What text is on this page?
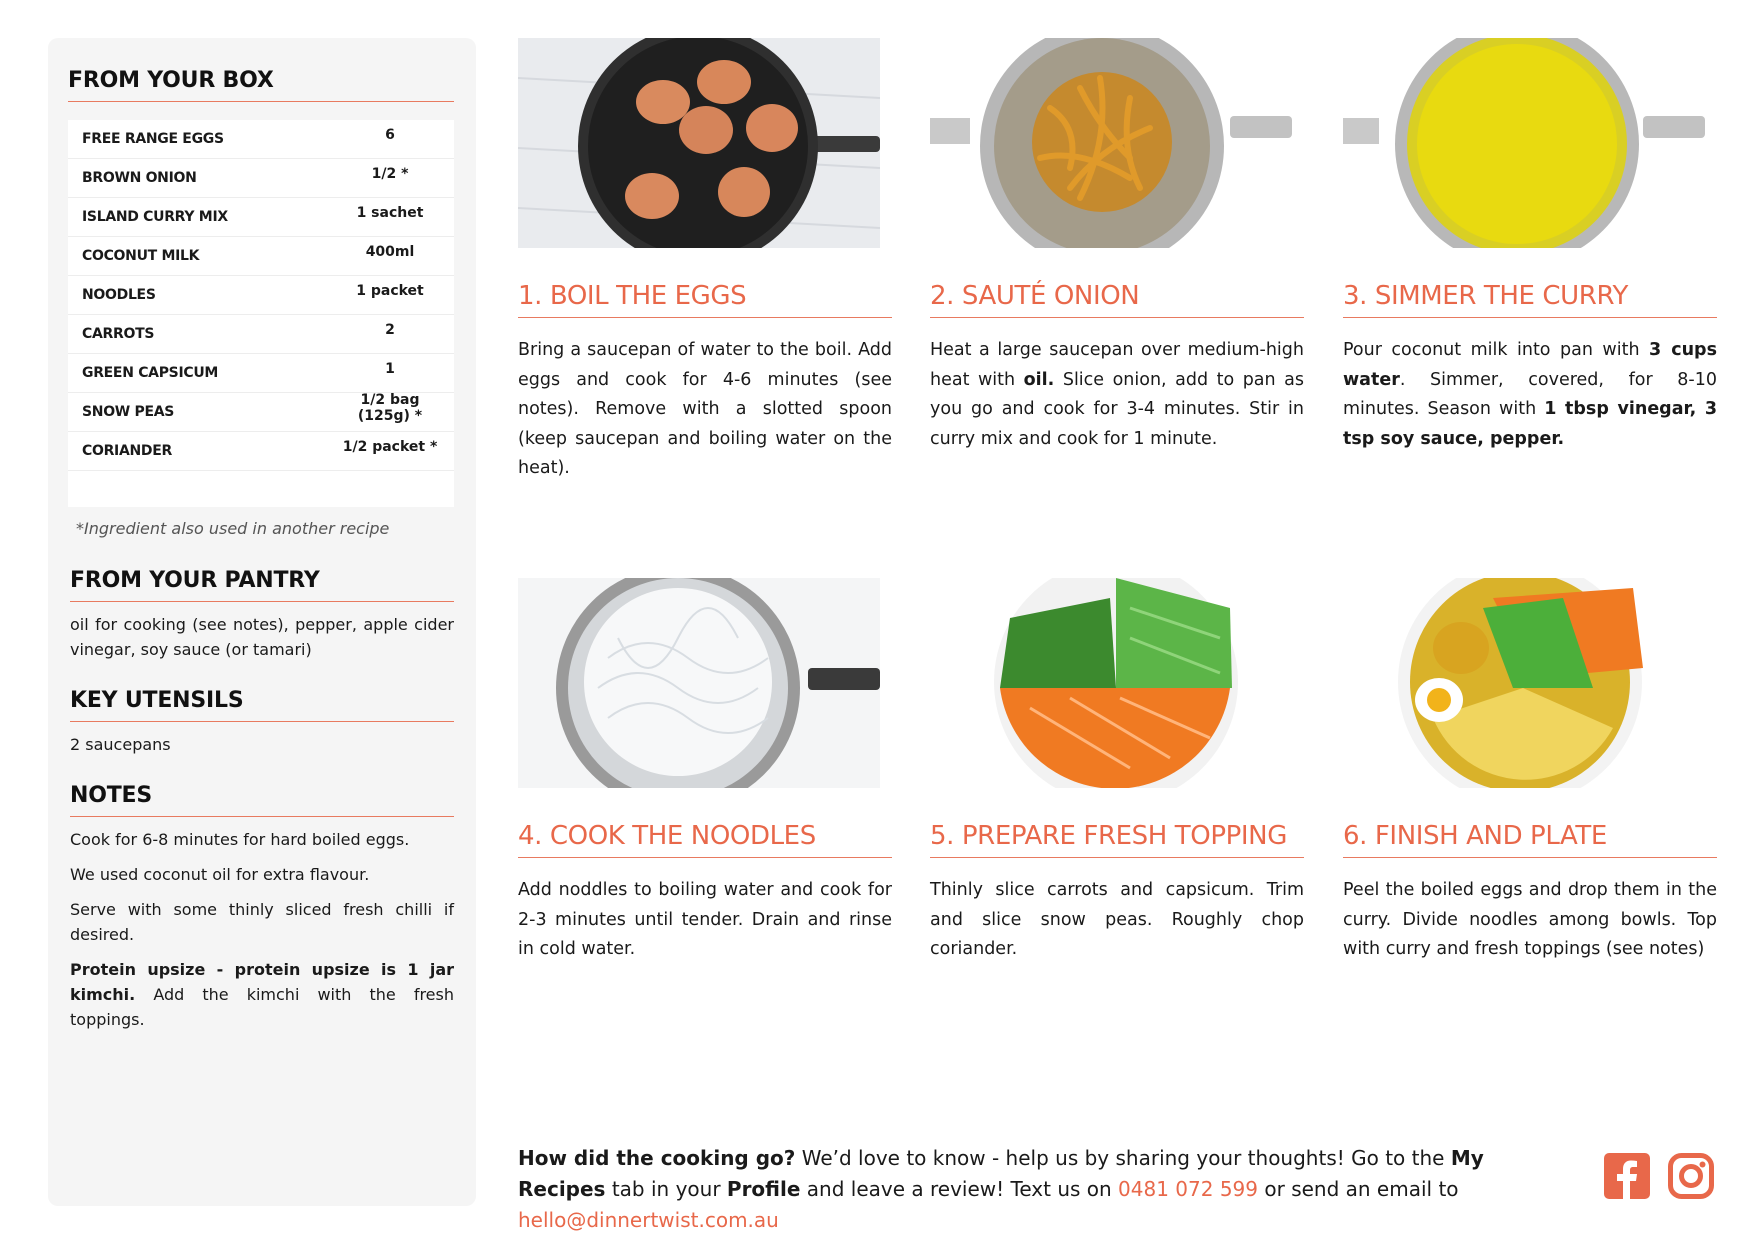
FROM YOUR BOX
FREE RANGE EGGS	6
BROWN ONION	1/2 *
ISLAND CURRY MIX	1 sachet
COCONUT MILK	400ml
NOODLES	1 packet
CARROTS	2
GREEN CAPSICUM	1
SNOW PEAS	1/2 bag (125g) *
CORIANDER	1/2 packet *

*Ingredient also used in another recipe

FROM YOUR PANTRY

oil for cooking (see notes), pepper, apple cider vinegar, soy sauce (or tamari)

KEY UTENSILS

2 saucepans

NOTES

Cook for 6-8 minutes for hard boiled eggs.

We used coconut oil for extra flavour.

Serve with some thinly sliced fresh chilli if desired.

Protein upsize - protein upsize is 1 jar kimchi. Add the kimchi with the fresh toppings.

1. BOIL THE EGGS

Bring a saucepan of water to the boil. Add eggs and cook for 4-6 minutes (see notes). Remove with a slotted spoon (keep saucepan and boiling water on the heat).

2. SAUTÉ ONION

Heat a large saucepan over medium-high heat with oil. Slice onion, add to pan as you go and cook for 3-4 minutes. Stir in curry mix and cook for 1 minute.

3. SIMMER THE CURRY

Pour coconut milk into pan with 3 cups water. Simmer, covered, for 8-10 minutes. Season with 1 tbsp vinegar, 3 tsp soy sauce, pepper.

4. COOK THE NOODLES

Add noddles to boiling water and cook for 2-3 minutes until tender. Drain and rinse in cold water.

5. PREPARE FRESH TOPPING

Thinly slice carrots and capsicum. Trim and slice snow peas. Roughly chop coriander.

6. FINISH AND PLATE

Peel the boiled eggs and drop them in the curry. Divide noodles among bowls. Top with curry and fresh toppings (see notes)

How did the cooking go? We’d love to know - help us by sharing your thoughts! Go to the My Recipes tab in your Profile and leave a review! Text us on 0481 072 599 or send an email to hello@dinnertwist.com.au
